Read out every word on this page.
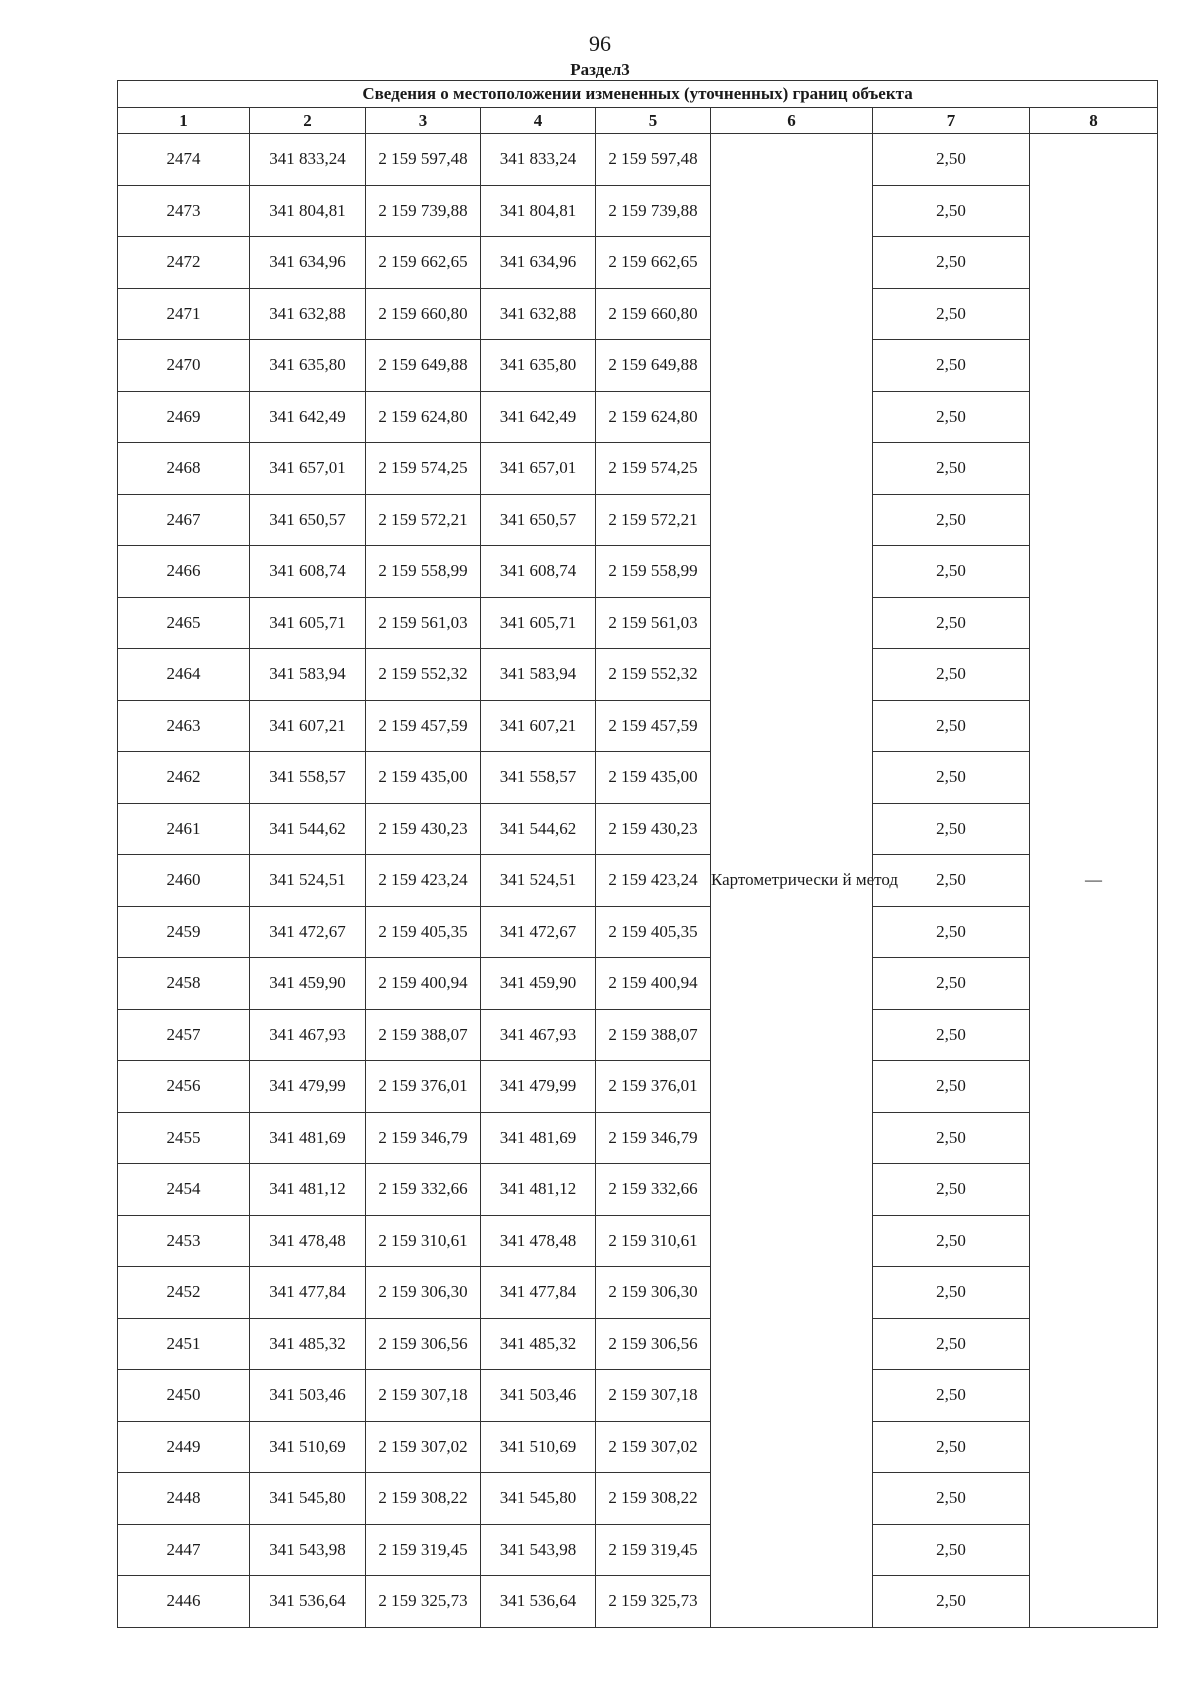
96
Раздел3
Сведения о местоположении измененных (уточненных) границ объекта							
1	2	3	4	5	6	7	8
2474	341 833,24	2 159 597,48	341 833,24	2 159 597,48	Картометрически й метод	2,50	—
2473	341 804,81	2 159 739,88	341 804,81	2 159 739,88		2,50	
2472	341 634,96	2 159 662,65	341 634,96	2 159 662,65		2,50	
2471	341 632,88	2 159 660,80	341 632,88	2 159 660,80		2,50	
2470	341 635,80	2 159 649,88	341 635,80	2 159 649,88		2,50	
2469	341 642,49	2 159 624,80	341 642,49	2 159 624,80		2,50	
2468	341 657,01	2 159 574,25	341 657,01	2 159 574,25		2,50	
2467	341 650,57	2 159 572,21	341 650,57	2 159 572,21		2,50	
2466	341 608,74	2 159 558,99	341 608,74	2 159 558,99		2,50	
2465	341 605,71	2 159 561,03	341 605,71	2 159 561,03		2,50	
2464	341 583,94	2 159 552,32	341 583,94	2 159 552,32		2,50	
2463	341 607,21	2 159 457,59	341 607,21	2 159 457,59		2,50	
2462	341 558,57	2 159 435,00	341 558,57	2 159 435,00		2,50	
2461	341 544,62	2 159 430,23	341 544,62	2 159 430,23		2,50	
2460	341 524,51	2 159 423,24	341 524,51	2 159 423,24		2,50	
2459	341 472,67	2 159 405,35	341 472,67	2 159 405,35		2,50	
2458	341 459,90	2 159 400,94	341 459,90	2 159 400,94		2,50	
2457	341 467,93	2 159 388,07	341 467,93	2 159 388,07		2,50	
2456	341 479,99	2 159 376,01	341 479,99	2 159 376,01		2,50	
2455	341 481,69	2 159 346,79	341 481,69	2 159 346,79		2,50	
2454	341 481,12	2 159 332,66	341 481,12	2 159 332,66		2,50	
2453	341 478,48	2 159 310,61	341 478,48	2 159 310,61		2,50	
2452	341 477,84	2 159 306,30	341 477,84	2 159 306,30		2,50	
2451	341 485,32	2 159 306,56	341 485,32	2 159 306,56		2,50	
2450	341 503,46	2 159 307,18	341 503,46	2 159 307,18		2,50	
2449	341 510,69	2 159 307,02	341 510,69	2 159 307,02		2,50	
2448	341 545,80	2 159 308,22	341 545,80	2 159 308,22		2,50	
2447	341 543,98	2 159 319,45	341 543,98	2 159 319,45		2,50	
2446	341 536,64	2 159 325,73	341 536,64	2 159 325,73		2,50	
